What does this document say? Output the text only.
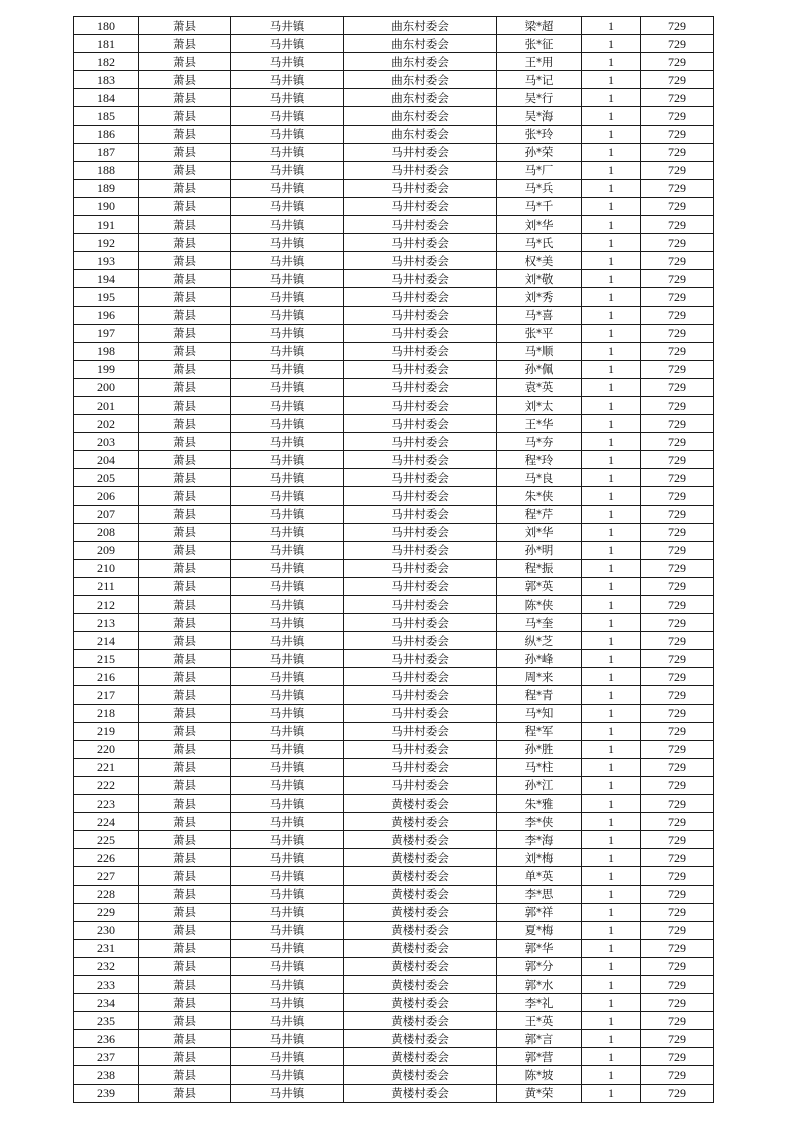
180	萧县	马井镇	曲东村委会	梁*超	1	729
181	萧县	马井镇	曲东村委会	张*征	1	729
182	萧县	马井镇	曲东村委会	王*用	1	729
183	萧县	马井镇	曲东村委会	马*记	1	729
184	萧县	马井镇	曲东村委会	吴*行	1	729
185	萧县	马井镇	曲东村委会	吴*海	1	729
186	萧县	马井镇	曲东村委会	张*玲	1	729
187	萧县	马井镇	马井村委会	孙*荣	1	729
188	萧县	马井镇	马井村委会	马*厂	1	729
189	萧县	马井镇	马井村委会	马*兵	1	729
190	萧县	马井镇	马井村委会	马*千	1	729
191	萧县	马井镇	马井村委会	刘*华	1	729
192	萧县	马井镇	马井村委会	马*氏	1	729
193	萧县	马井镇	马井村委会	权*美	1	729
194	萧县	马井镇	马井村委会	刘*敬	1	729
195	萧县	马井镇	马井村委会	刘*秀	1	729
196	萧县	马井镇	马井村委会	马*喜	1	729
197	萧县	马井镇	马井村委会	张*平	1	729
198	萧县	马井镇	马井村委会	马*顺	1	729
199	萧县	马井镇	马井村委会	孙*佩	1	729
200	萧县	马井镇	马井村委会	袁*英	1	729
201	萧县	马井镇	马井村委会	刘*太	1	729
202	萧县	马井镇	马井村委会	王*华	1	729
203	萧县	马井镇	马井村委会	马*夯	1	729
204	萧县	马井镇	马井村委会	程*玲	1	729
205	萧县	马井镇	马井村委会	马*良	1	729
206	萧县	马井镇	马井村委会	朱*侠	1	729
207	萧县	马井镇	马井村委会	程*芹	1	729
208	萧县	马井镇	马井村委会	刘*华	1	729
209	萧县	马井镇	马井村委会	孙*明	1	729
210	萧县	马井镇	马井村委会	程*振	1	729
211	萧县	马井镇	马井村委会	郭*英	1	729
212	萧县	马井镇	马井村委会	陈*侠	1	729
213	萧县	马井镇	马井村委会	马*奎	1	729
214	萧县	马井镇	马井村委会	纵*芝	1	729
215	萧县	马井镇	马井村委会	孙*峰	1	729
216	萧县	马井镇	马井村委会	周*来	1	729
217	萧县	马井镇	马井村委会	程*青	1	729
218	萧县	马井镇	马井村委会	马*知	1	729
219	萧县	马井镇	马井村委会	程*军	1	729
220	萧县	马井镇	马井村委会	孙*胜	1	729
221	萧县	马井镇	马井村委会	马*柱	1	729
222	萧县	马井镇	马井村委会	孙*江	1	729
223	萧县	马井镇	黄楼村委会	朱*雅	1	729
224	萧县	马井镇	黄楼村委会	李*侠	1	729
225	萧县	马井镇	黄楼村委会	李*海	1	729
226	萧县	马井镇	黄楼村委会	刘*梅	1	729
227	萧县	马井镇	黄楼村委会	单*英	1	729
228	萧县	马井镇	黄楼村委会	李*思	1	729
229	萧县	马井镇	黄楼村委会	郭*祥	1	729
230	萧县	马井镇	黄楼村委会	夏*梅	1	729
231	萧县	马井镇	黄楼村委会	郭*华	1	729
232	萧县	马井镇	黄楼村委会	郭*分	1	729
233	萧县	马井镇	黄楼村委会	郭*水	1	729
234	萧县	马井镇	黄楼村委会	李*礼	1	729
235	萧县	马井镇	黄楼村委会	王*英	1	729
236	萧县	马井镇	黄楼村委会	郭*言	1	729
237	萧县	马井镇	黄楼村委会	郭*营	1	729
238	萧县	马井镇	黄楼村委会	陈*坡	1	729
239	萧县	马井镇	黄楼村委会	黄*荣	1	729
